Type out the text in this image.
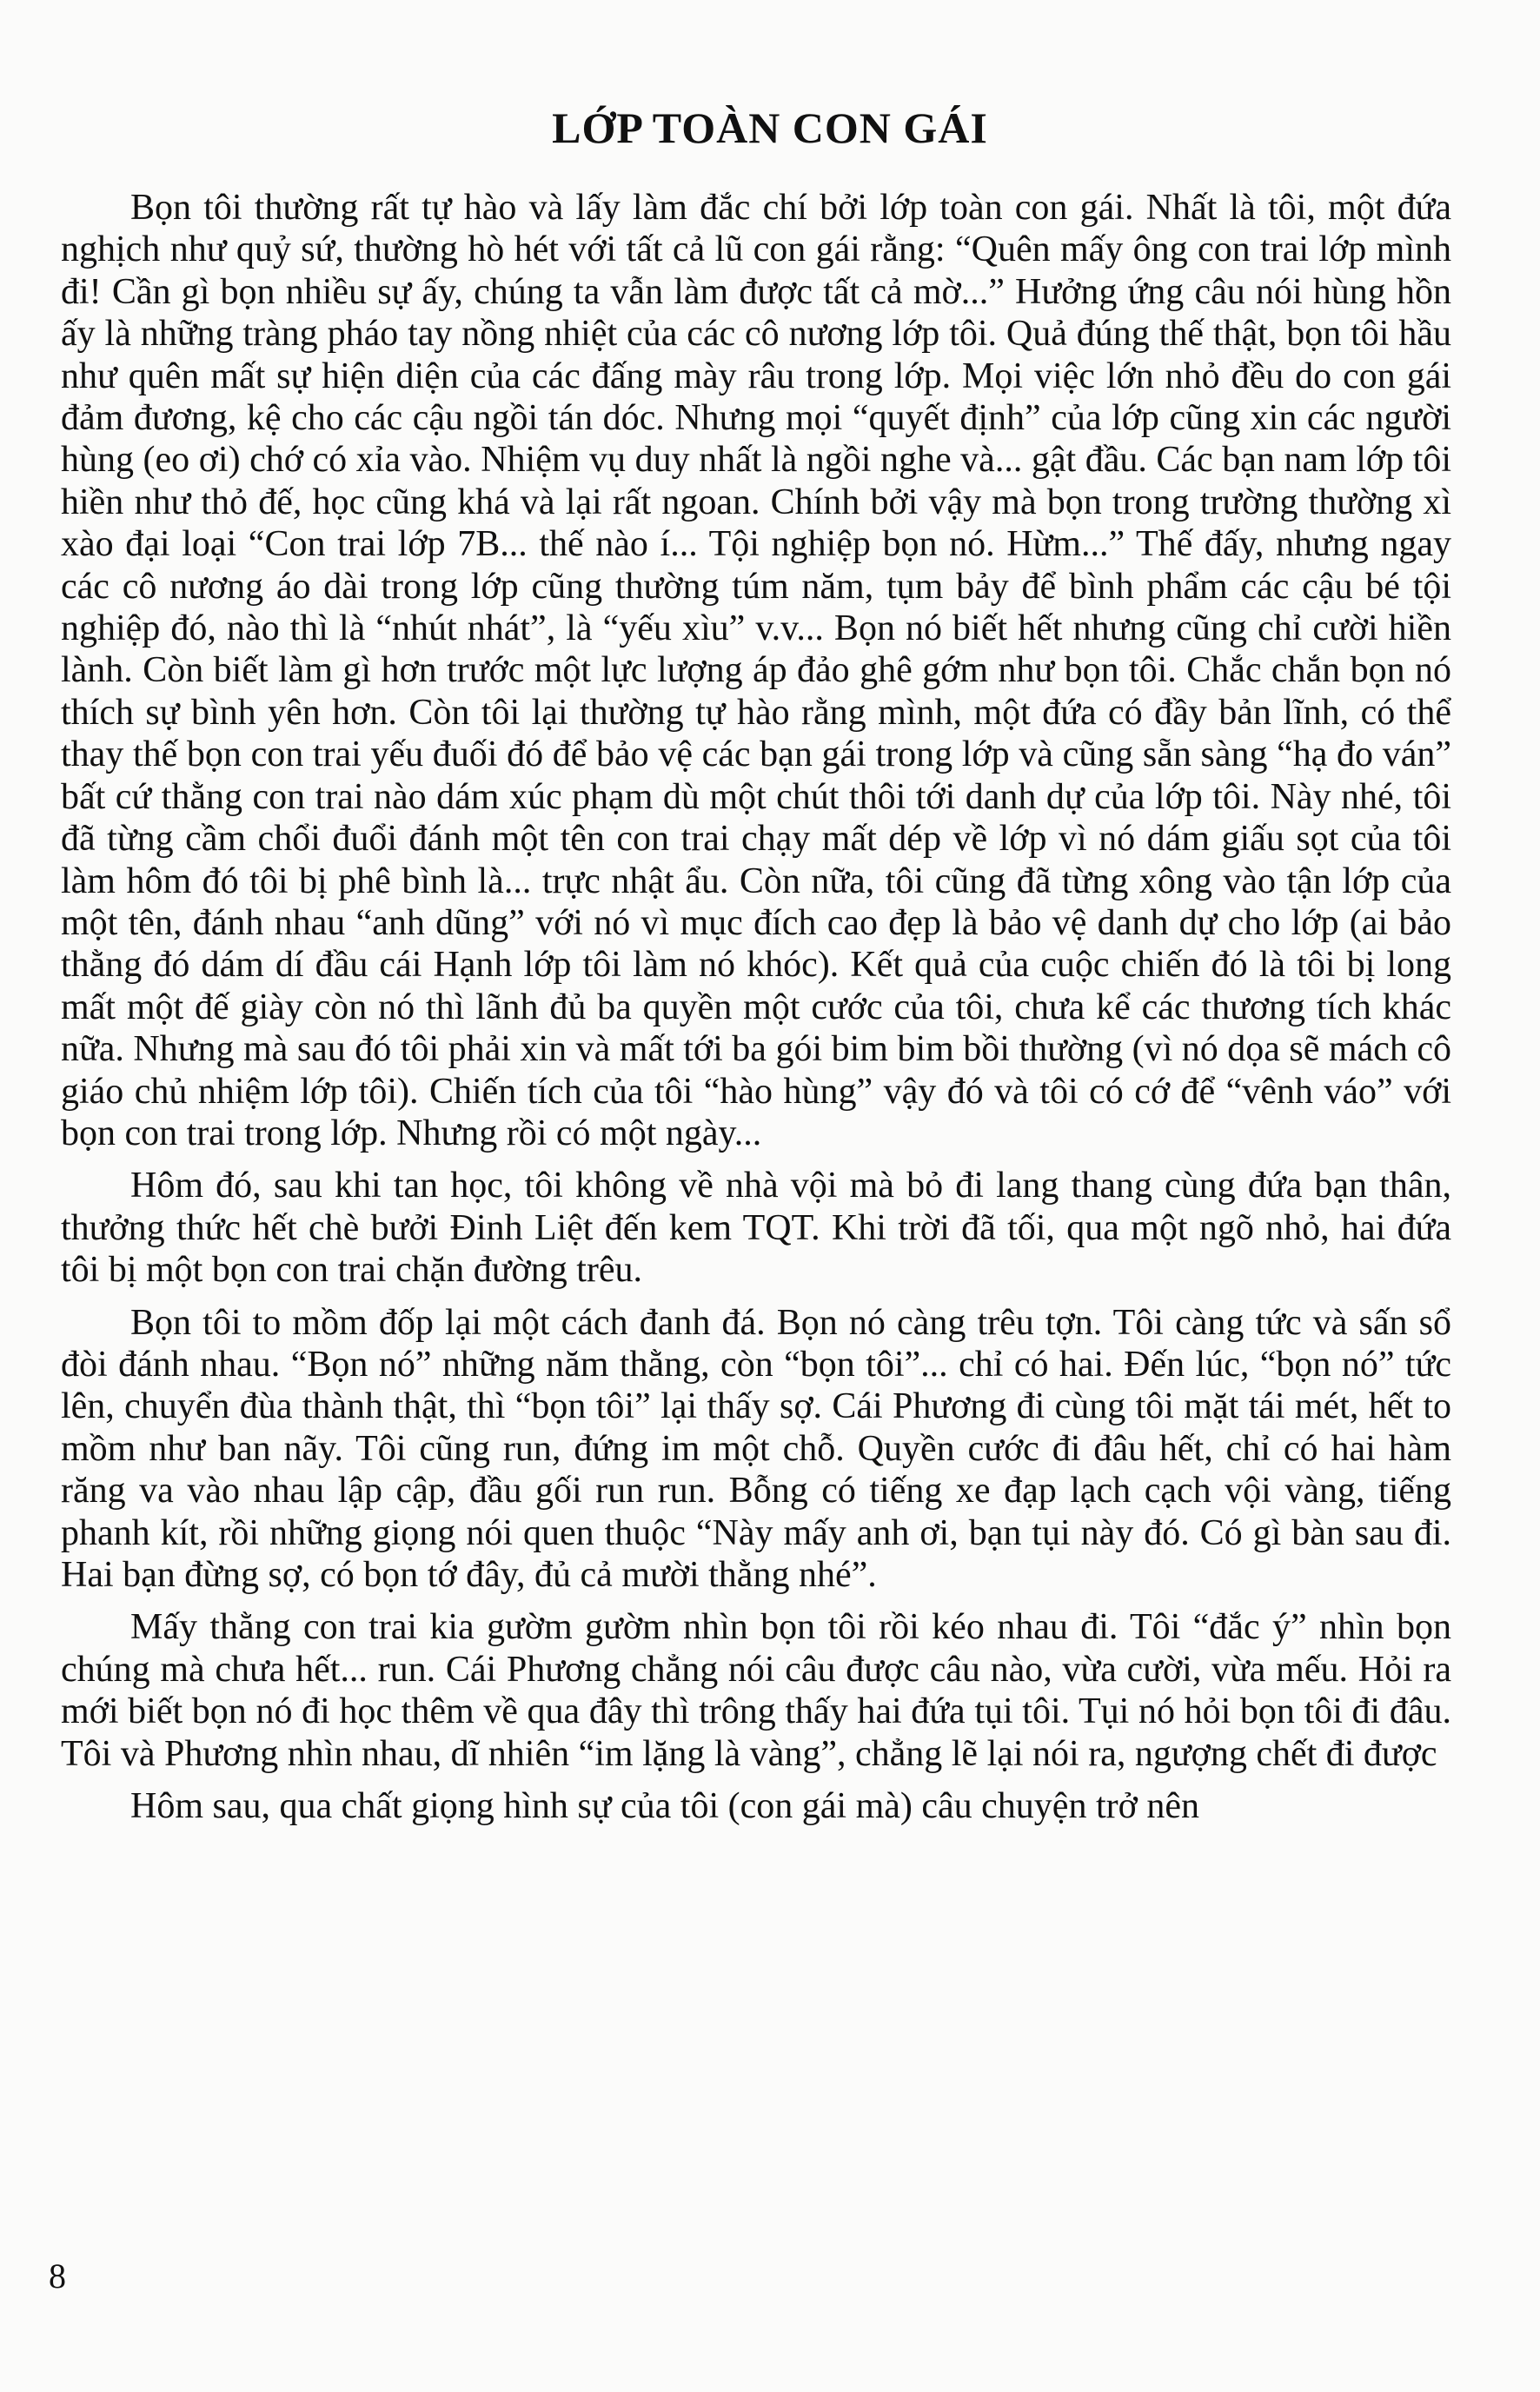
LỚP TOÀN CON GÁI

Bọn tôi thường rất tự hào và lấy làm đắc chí bởi lớp toàn con gái. Nhất là tôi, một đứa nghịch như quỷ sứ, thường hò hét với tất cả lũ con gái rằng: “Quên mấy ông con trai lớp mình đi! Cần gì bọn nhiều sự ấy, chúng ta vẫn làm được tất cả mờ...” Hưởng ứng câu nói hùng hồn ấy là những tràng pháo tay nồng nhiệt của các cô nương lớp tôi. Quả đúng thế thật, bọn tôi hầu như quên mất sự hiện diện của các đấng mày râu trong lớp. Mọi việc lớn nhỏ đều do con gái đảm đương, kệ cho các cậu ngồi tán dóc. Nhưng mọi “quyết định” của lớp cũng xin các người hùng (eo ơi) chớ có xỉa vào. Nhiệm vụ duy nhất là ngồi nghe và... gật đầu. Các bạn nam lớp tôi hiền như thỏ đế, học cũng khá và lại rất ngoan. Chính bởi vậy mà bọn trong trường thường xì xào đại loại “Con trai lớp 7B... thế nào í... Tội nghiệp bọn nó. Hừm...” Thế đấy, nhưng ngay các cô nương áo dài trong lớp cũng thường túm năm, tụm bảy để bình phẩm các cậu bé tội nghiệp đó, nào thì là “nhút nhát”, là “yếu xìu” v.v... Bọn nó biết hết nhưng cũng chỉ cười hiền lành. Còn biết làm gì hơn trước một lực lượng áp đảo ghê gớm như bọn tôi. Chắc chắn bọn nó thích sự bình yên hơn. Còn tôi lại thường tự hào rằng mình, một đứa có đầy bản lĩnh, có thể thay thế bọn con trai yếu đuối đó để bảo vệ các bạn gái trong lớp và cũng sẵn sàng “hạ đo ván” bất cứ thằng con trai nào dám xúc phạm dù một chút thôi tới danh dự của lớp tôi. Này nhé, tôi đã từng cầm chổi đuổi đánh một tên con trai chạy mất dép về lớp vì nó dám giấu sọt của tôi làm hôm đó tôi bị phê bình là... trực nhật ẩu. Còn nữa, tôi cũng đã từng xông vào tận lớp của một tên, đánh nhau “anh dũng” với nó vì mục đích cao đẹp là bảo vệ danh dự cho lớp (ai bảo thằng đó dám dí đầu cái Hạnh lớp tôi làm nó khóc). Kết quả của cuộc chiến đó là tôi bị long mất một đế giày còn nó thì lãnh đủ ba quyền một cước của tôi, chưa kể các thương tích khác nữa. Nhưng mà sau đó tôi phải xin và mất tới ba gói bim bim bồi thường (vì nó dọa sẽ mách cô giáo chủ nhiệm lớp tôi). Chiến tích của tôi “hào hùng” vậy đó và tôi có cớ để “vênh váo” với bọn con trai trong lớp. Nhưng rồi có một ngày...

Hôm đó, sau khi tan học, tôi không về nhà vội mà bỏ đi lang thang cùng đứa bạn thân, thưởng thức hết chè bưởi Đinh Liệt đến kem TQT. Khi trời đã tối, qua một ngõ nhỏ, hai đứa tôi bị một bọn con trai chặn đường trêu.

Bọn tôi to mồm đốp lại một cách đanh đá. Bọn nó càng trêu tợn. Tôi càng tức và sấn sổ đòi đánh nhau. “Bọn nó” những năm thằng, còn “bọn tôi”... chỉ có hai. Đến lúc, “bọn nó” tức lên, chuyển đùa thành thật, thì “bọn tôi” lại thấy sợ. Cái Phương đi cùng tôi mặt tái mét, hết to mồm như ban nãy. Tôi cũng run, đứng im một chỗ. Quyền cước đi đâu hết, chỉ có hai hàm răng va vào nhau lập cập, đầu gối run run. Bỗng có tiếng xe đạp lạch cạch vội vàng, tiếng phanh kít, rồi những giọng nói quen thuộc “Này mấy anh ơi, bạn tụi này đó. Có gì bàn sau đi. Hai bạn đừng sợ, có bọn tớ đây, đủ cả mười thằng nhé”.

Mấy thằng con trai kia gườm gườm nhìn bọn tôi rồi kéo nhau đi. Tôi “đắc ý” nhìn bọn chúng mà chưa hết... run. Cái Phương chẳng nói câu được câu nào, vừa cười, vừa mếu. Hỏi ra mới biết bọn nó đi học thêm về qua đây thì trông thấy hai đứa tụi tôi. Tụi nó hỏi bọn tôi đi đâu. Tôi và Phương nhìn nhau, dĩ nhiên “im lặng là vàng”, chẳng lẽ lại nói ra, ngượng chết đi được

Hôm sau, qua chất giọng hình sự của tôi (con gái mà) câu chuyện trở nên

8
